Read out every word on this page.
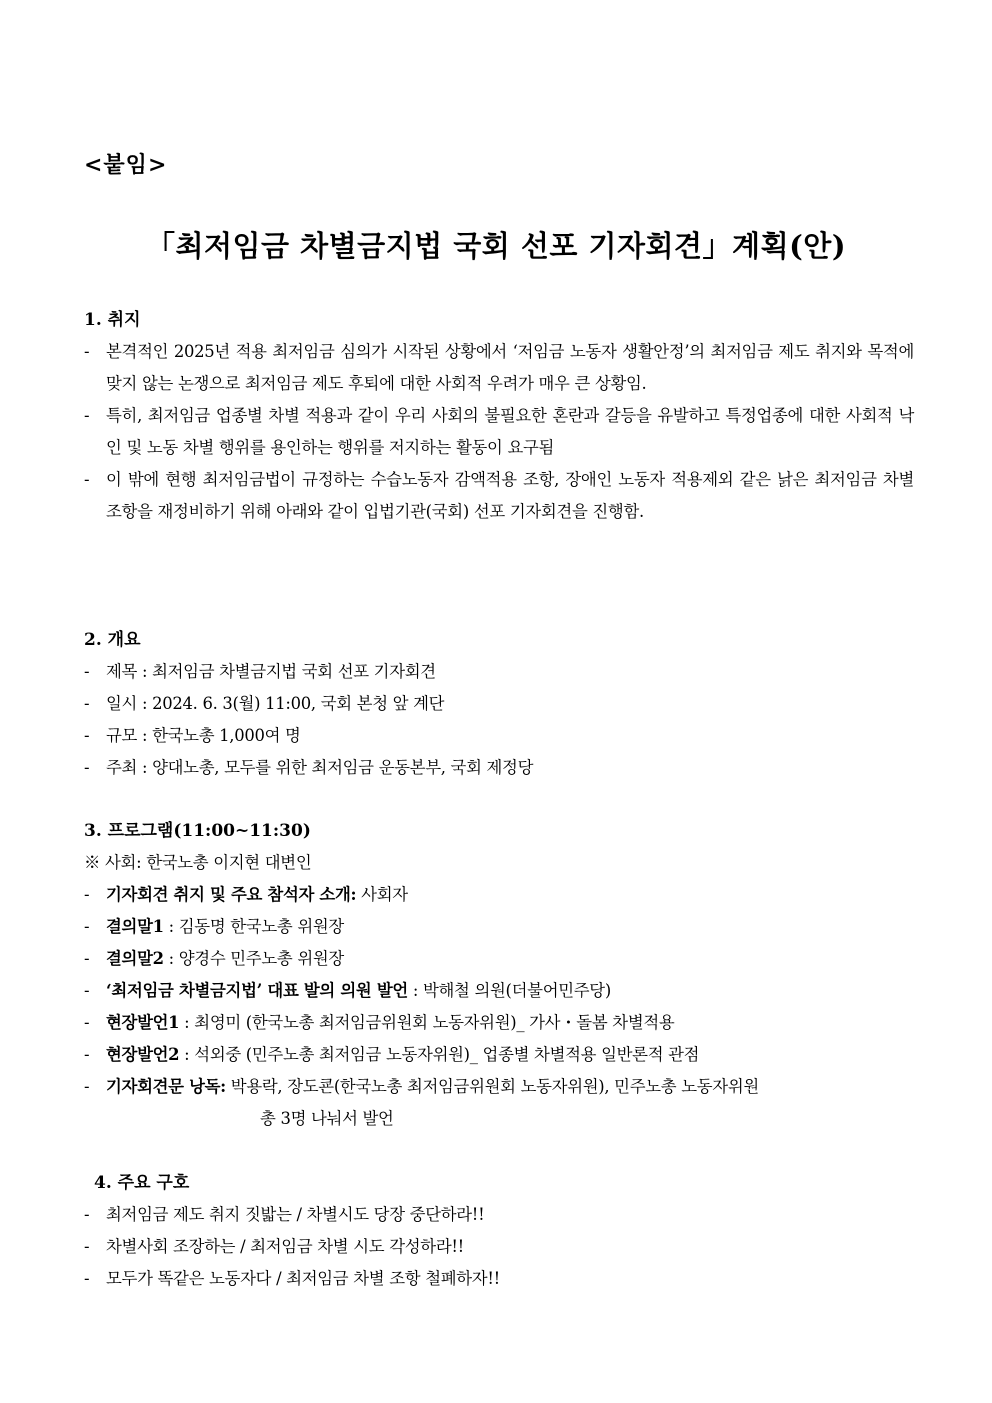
<붙임>
「최저임금 차별금지법 국회 선포 기자회견」계획(안)
1. 취지
- 본격적인 2025년 적용 최저임금 심의가 시작된 상황에서 ‘저임금 노동자 생활안정’의 최저임금 제도 취지와 목적에 맞지 않는 논쟁으로 최저임금 제도 후퇴에 대한 사회적 우려가 매우 큰 상황임.
- 특히, 최저임금 업종별 차별 적용과 같이 우리 사회의 불필요한 혼란과 갈등을 유발하고 특정업종에 대한 사회적 낙인 및 노동 차별 행위를 용인하는 행위를 저지하는 활동이 요구됨
- 이 밖에 현행 최저임금법이 규정하는 수습노동자 감액적용 조항, 장애인 노동자 적용제외 같은 낡은 최저임금 차별 조항을 재정비하기 위해 아래와 같이 입법기관(국회) 선포 기자회견을 진행함.
2. 개요
- 제목 : 최저임금 차별금지법 국회 선포 기자회견
- 일시 : 2024. 6. 3(월) 11:00, 국회 본청 앞 계단
- 규모 : 한국노총 1,000여 명
- 주최 : 양대노총, 모두를 위한 최저임금 운동본부, 국회 제정당
3. 프로그램(11:00~11:30)
※ 사회: 한국노총 이지현 대변인
- 기자회견 취지 및 주요 참석자 소개: 사회자
- 결의말1 : 김동명 한국노총 위원장
- 결의말2 : 양경수 민주노총 위원장
- ‘최저임금 차별금지법’ 대표 발의 의원 발언 : 박해철 의원(더불어민주당)
- 현장발언1 : 최영미 (한국노총 최저임금위원회 노동자위원)_ 가사・돌봄 차별적용
- 현장발언2 : 석외중 (민주노총 최저임금 노동자위원)_ 업종별 차별적용 일반론적 관점
- 기자회견문 낭독: 박용락, 장도쿈(한국노총 최저임금위원회 노동자위원), 민주노총 노동자위원
총 3명 나눠서 발언
4. 주요 구호
- 최저임금 제도 취지 짓밟는 / 차별시도 당장 중단하라!!
- 차별사회 조장하는 / 최저임금 차별 시도 각성하라!!
- 모두가 똑같은 노동자다 / 최저임금 차별 조항 철폐하자!!
